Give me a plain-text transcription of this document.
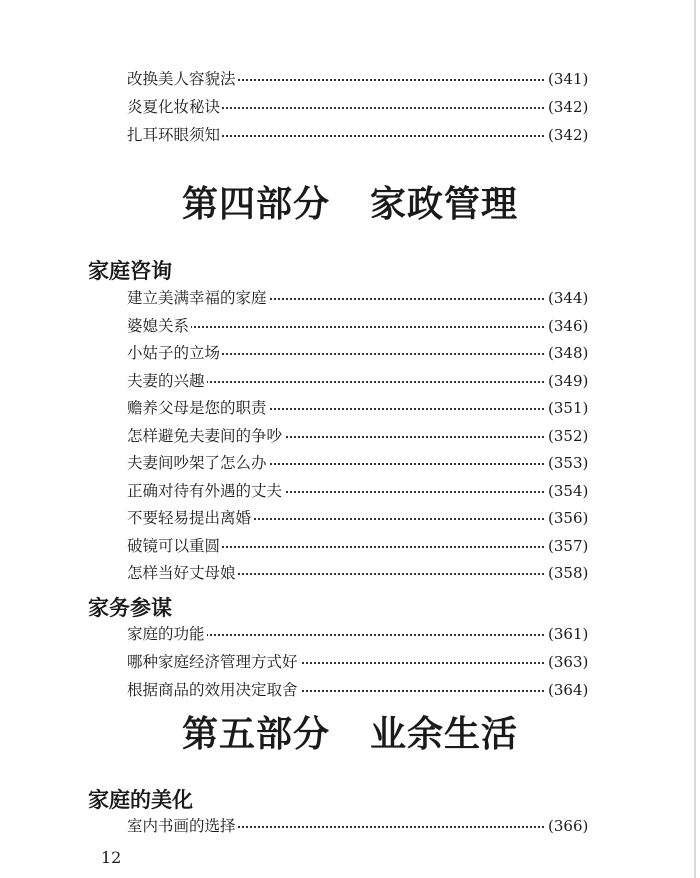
改换美人容貌法	(341)
炎夏化妆秘诀	(342)
扎耳环眼须知	(342)
第四部分 家政管理
家庭咨询
建立美满幸福的家庭	(344)
婆媳关系	(346)
小姑子的立场	(348)
夫妻的兴趣	(349)
赡养父母是您的职责	(351)
怎样避免夫妻间的争吵	(352)
夫妻间吵架了怎么办	(353)
正确对待有外遇的丈夫	(354)
不要轻易提出离婚	(356)
破镜可以重圆	(357)
怎样当好丈母娘	(358)
家务参谋
家庭的功能	(361)
哪种家庭经济管理方式好	(363)
根据商品的效用决定取舍	(364)
第五部分 业余生活
家庭的美化
室内书画的选择	(366)
12
